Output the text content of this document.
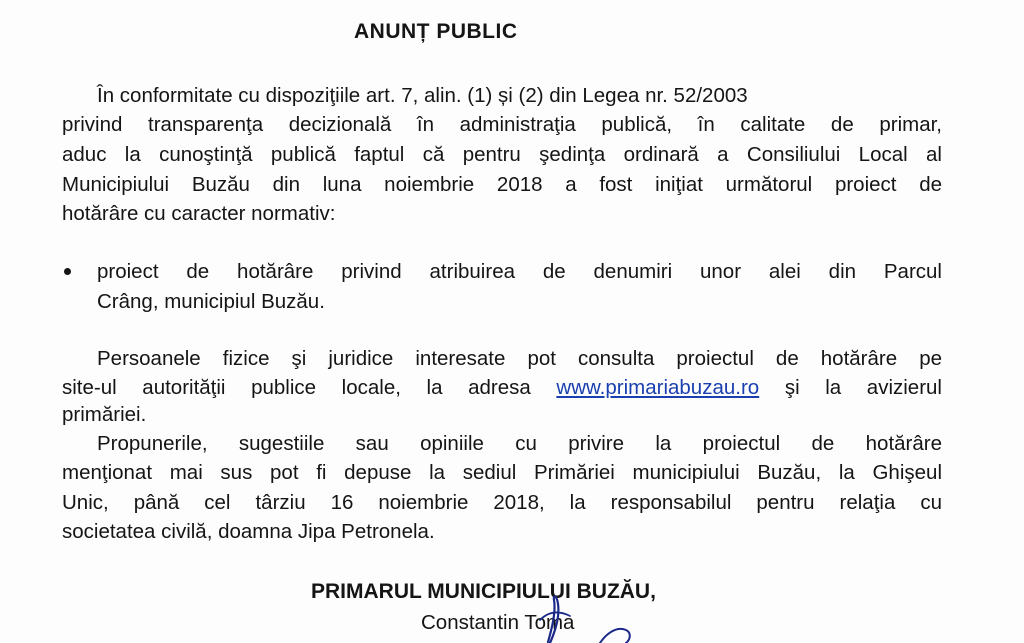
ANUNȚ PUBLIC
În conformitate cu dispoziţiile art. 7, alin. (1) și (2) din Legea nr. 52/2003
privind transparenţa decizională în administraţia publică, în calitate de primar,
aduc la cunoştinţă publică faptul că pentru şedinţa ordinară a Consiliului Local al
Municipiului Buzău din luna noiembrie 2018 a fost iniţiat următorul proiect de
hotărâre cu caracter normativ:
proiect de hotărâre privind atribuirea de denumiri unor alei din Parcul
Crâng, municipiul Buzău.
Persoanele fizice şi juridice interesate pot consulta proiectul de hotărâre pe
site-ul autorităţii publice locale, la adresa www.primariabuzau.ro şi la avizierul
primăriei.
Propunerile, sugestiile sau opiniile cu privire la proiectul de hotărâre
menţionat mai sus pot fi depuse la sediul Primăriei municipiului Buzău, la Ghişeul
Unic, până cel târziu 16 noiembrie 2018, la responsabilul pentru relaţia cu
societatea civilă, doamna Jipa Petronela.
PRIMARUL MUNICIPIULUI BUZĂU,
Constantin Toma
